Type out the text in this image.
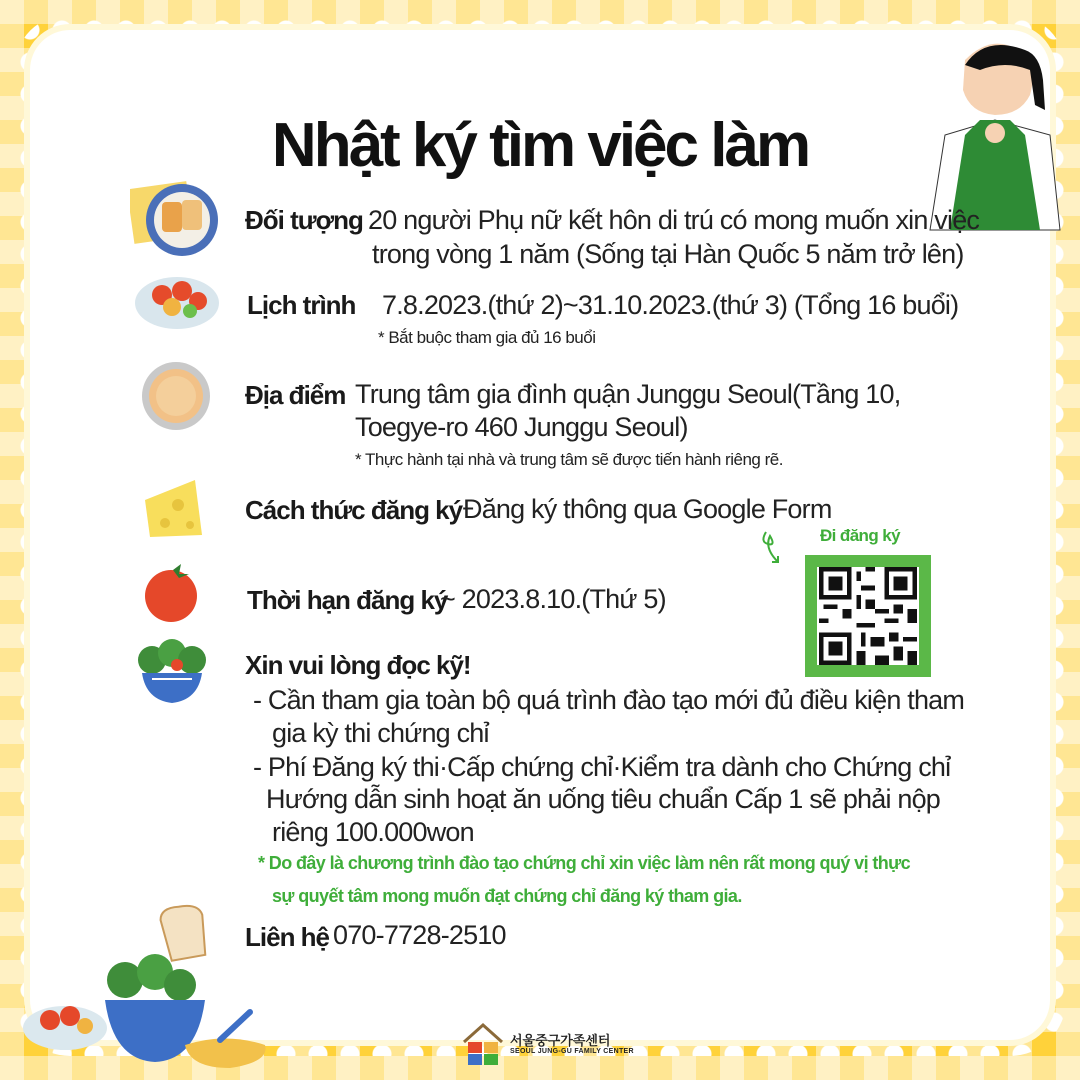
Nhật ký tìm việc làm
Đối tượng 20 người Phụ nữ kết hôn di trú có mong muốn xin việc
trong vòng 1 năm (Sống tại Hàn Quốc 5 năm trở lên)
Lịch trình 7.8.2023.(thứ 2)~31.10.2023.(thứ 3) (Tổng 16 buổi)
* Bắt buộc tham gia đủ 16 buổi
Địa điểm Trung tâm gia đình quận Junggu Seoul(Tầng 10,
Toegye-ro 460 Junggu Seoul)
* Thực hành tại nhà và trung tâm sẽ được tiến hành riêng rẽ.
Cách thức đăng ký Đăng ký thông qua Google Form
Đi đăng ký
Thời hạn đăng ký
~ 2023.8.10.(Thứ 5)
Xin vui lòng đọc kỹ!
- Cần tham gia toàn bộ quá trình đào tạo mới đủ điều kiện tham
gia kỳ thi chứng chỉ
- Phí Đăng ký thi·Cấp chứng chỉ·Kiểm tra dành cho Chứng chỉ
Hướng dẫn sinh hoạt ăn uống tiêu chuẩn Cấp 1 sẽ phải nộp
riêng 100.000won
* Do đây là chương trình đào tạo chứng chỉ xin việc làm nên rất mong quý vị thực
sự quyết tâm mong muốn đạt chứng chỉ đăng ký tham gia.
Liên hệ 070-7728-2510
서울중구가족센터
SEOUL JUNG-GU FAMILY CENTER
